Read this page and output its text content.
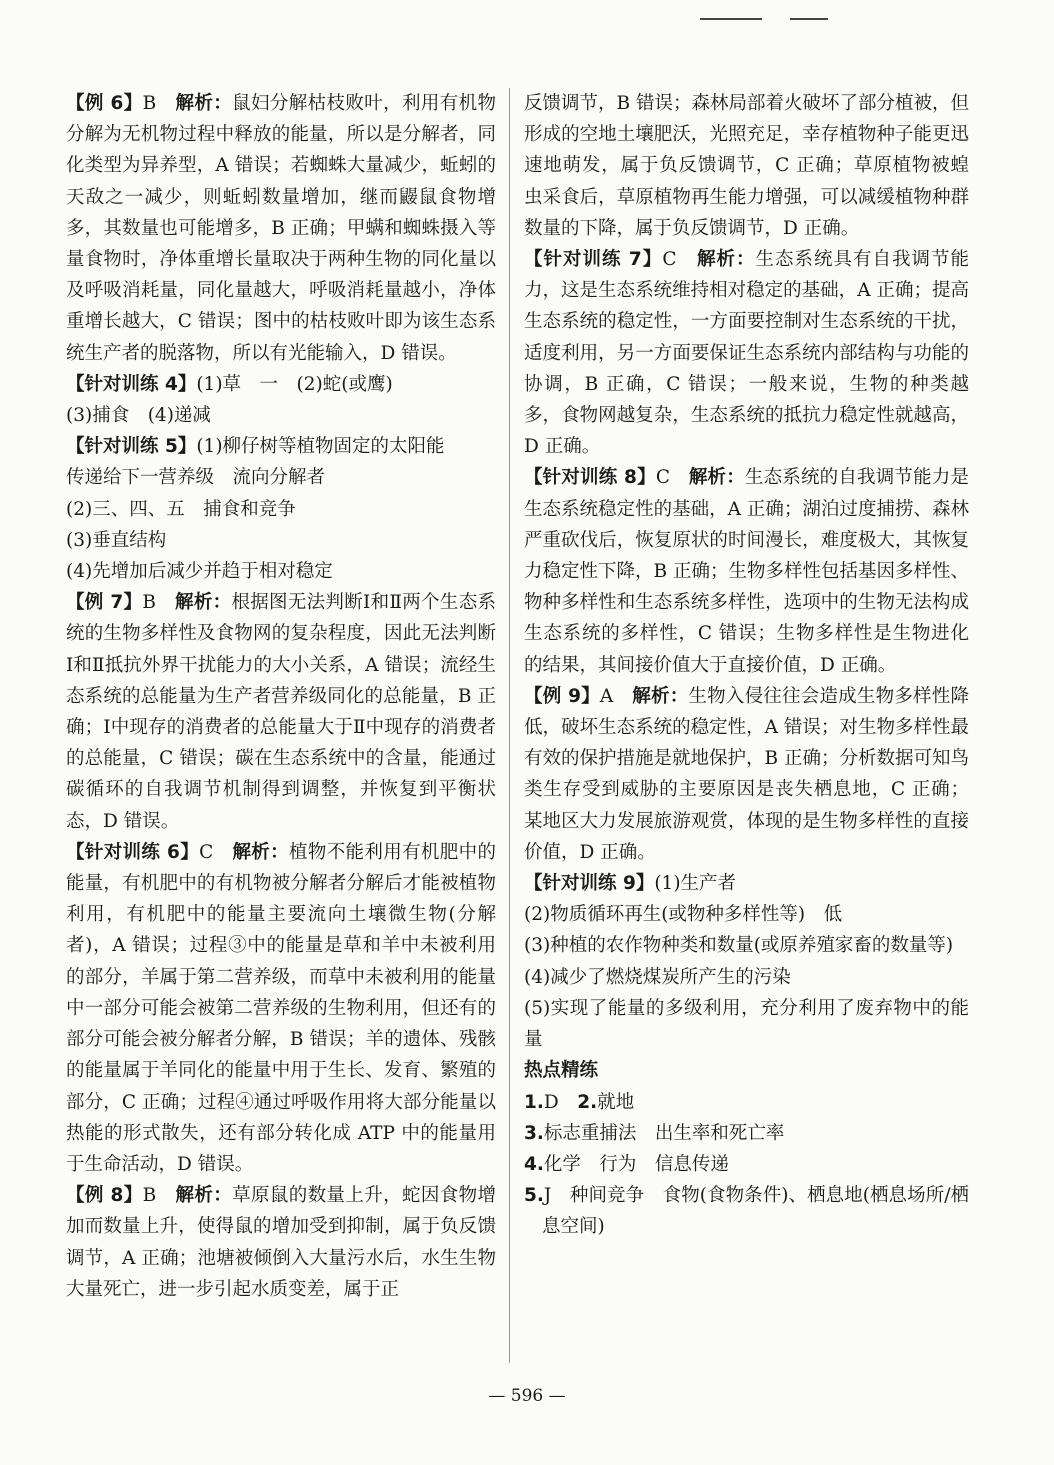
【例 6】B　 解析：鼠妇分解枯枝败叶，利用有机物分解为无机物过程中释放的能量，所以是分解者，同化类型为异养型，A 错误；若蜘蛛大量减少，蚯蚓的天敌之一减少，则蚯蚓数量增加，继而鼹鼠食物增多，其数量也可能增多，B 正确；甲螨和蜘蛛摄入等量食物时，净体重增长量取决于两种生物的同化量以及呼吸消耗量，同化量越大，呼吸消耗量越小，净体重增长越大，C 错误；图中的枯枝败叶即为该生态系统生产者的脱落物，所以有光能输入，D 错误。

【针对训练 4】(1)草　一　(2)蛇(或鹰)

(3)捕食　(4)递减

【针对训练 5】(1)柳仔树等植物固定的太阳能

传递给下一营养级　流向分解者

(2)三、四、五　捕食和竞争

(3)垂直结构

(4)先增加后减少并趋于相对稳定

【例 7】B　 解析：根据图无法判断Ⅰ和Ⅱ两个生态系统的生物多样性及食物网的复杂程度，因此无法判断Ⅰ和Ⅱ抵抗外界干扰能力的大小关系，A 错误；流经生态系统的总能量为生产者营养级同化的总能量，B 正确；Ⅰ中现存的消费者的总能量大于Ⅱ中现存的消费者的总能量，C 错误；碳在生态系统中的含量，能通过碳循环的自我调节机制得到调整，并恢复到平衡状态，D 错误。

【针对训练 6】C　 解析：植物不能利用有机肥中的能量，有机肥中的有机物被分解者分解后才能被植物利用，有机肥中的能量主要流向土壤微生物(分解者)，A 错误；过程③中的能量是草和羊中未被利用的部分，羊属于第二营养级，而草中未被利用的能量中一部分可能会被第二营养级的生物利用，但还有的部分可能会被分解者分解，B 错误；羊的遗体、残骸的能量属于羊同化的能量中用于生长、发育、繁殖的部分，C 正确；过程④通过呼吸作用将大部分能量以热能的形式散失，还有部分转化成 ATP 中的能量用于生命活动，D 错误。

【例 8】B　 解析：草原鼠的数量上升，蛇因食物增加而数量上升，使得鼠的增加受到抑制，属于负反馈调节，A 正确；池塘被倾倒入大量污水后，水生生物大量死亡，进一步引起水质变差，属于正

反馈调节，B 错误；森林局部着火破坏了部分植被，但形成的空地土壤肥沃，光照充足，幸存植物种子能更迅速地萌发，属于负反馈调节，C 正确；草原植物被蝗虫采食后，草原植物再生能力增强，可以减缓植物种群数量的下降，属于负反馈调节，D 正确。

【针对训练 7】C　 解析：生态系统具有自我调节能力，这是生态系统维持相对稳定的基础，A 正确；提高生态系统的稳定性，一方面要控制对生态系统的干扰，适度利用，另一方面要保证生态系统内部结构与功能的协调，B 正确，C 错误；一般来说，生物的种类越多，食物网越复杂，生态系统的抵抗力稳定性就越高，D 正确。

【针对训练 8】C　 解析：生态系统的自我调节能力是生态系统稳定性的基础，A 正确；湖泊过度捕捞、森林严重砍伐后，恢复原状的时间漫长，难度极大，其恢复力稳定性下降，B 正确；生物多样性包括基因多样性、物种多样性和生态系统多样性，选项中的生物无法构成生态系统的多样性，C 错误；生物多样性是生物进化的结果，其间接价值大于直接价值，D 正确。

【例 9】A　 解析：生物入侵往往会造成生物多样性降低，破坏生态系统的稳定性，A 错误；对生物多样性最有效的保护措施是就地保护，B 正确；分析数据可知鸟类生存受到威胁的主要原因是丧失栖息地，C 正确；某地区大力发展旅游观赏，体现的是生物多样性的直接价值，D 正确。

【针对训练 9】(1)生产者

(2)物质循环再生(或物种多样性等)　低

(3)种植的农作物种类和数量(或原养殖家畜的数量等)

(4)减少了燃烧煤炭所产生的污染

(5)实现了能量的多级利用，充分利用了废弃物中的能量

热点精练

1.D　 2.就地

3.标志重捕法　出生率和死亡率

4.化学　行为　信息传递

5.J　种间竞争　食物(食物条件)、栖息地(栖息场所/栖息空间)

— 596 —
